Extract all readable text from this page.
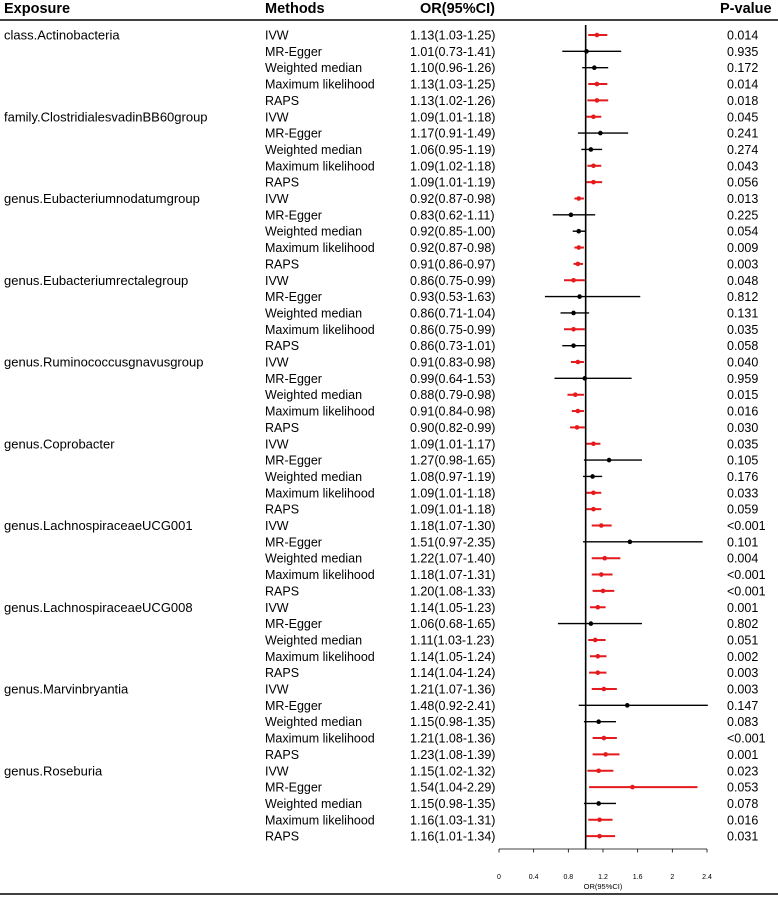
Exposure	Methods	OR(95%CI)	P-value
class.Actinobacteria	IVW	1.13(1.03-1.25)	0.014
MR-Egger	1.01(0.73-1.41)	0.935
Weighted median	1.10(0.96-1.26)	0.172
Maximum likelihood	1.13(1.03-1.25)	0.014
RAPS	1.13(1.02-1.26)	0.018
family.ClostridialesvadinBB60group	IVW	1.09(1.01-1.18)	0.045
MR-Egger	1.17(0.91-1.49)	0.241
Weighted median	1.06(0.95-1.19)	0.274
Maximum likelihood	1.09(1.02-1.18)	0.043
RAPS	1.09(1.01-1.19)	0.056
genus.Eubacteriumnodatumgroup	IVW	0.92(0.87-0.98)	0.013
MR-Egger	0.83(0.62-1.11)	0.225
Weighted median	0.92(0.85-1.00)	0.054
Maximum likelihood	0.92(0.87-0.98)	0.009
RAPS	0.91(0.86-0.97)	0.003
genus.Eubacteriumrectalegroup	IVW	0.86(0.75-0.99)	0.048
MR-Egger	0.93(0.53-1.63)	0.812
Weighted median	0.86(0.71-1.04)	0.131
Maximum likelihood	0.86(0.75-0.99)	0.035
RAPS	0.86(0.73-1.01)	0.058
genus.Ruminococcusgnavusgroup	IVW	0.91(0.83-0.98)	0.040
MR-Egger	0.99(0.64-1.53)	0.959
Weighted median	0.88(0.79-0.98)	0.015
Maximum likelihood	0.91(0.84-0.98)	0.016
RAPS	0.90(0.82-0.99)	0.030
genus.Coprobacter	IVW	1.09(1.01-1.17)	0.035
MR-Egger	1.27(0.98-1.65)	0.105
Weighted median	1.08(0.97-1.19)	0.176
Maximum likelihood	1.09(1.01-1.18)	0.033
RAPS	1.09(1.01-1.18)	0.059
genus.LachnospiraceaeUCG001	IVW	1.18(1.07-1.30)	<0.001
MR-Egger	1.51(0.97-2.35)	0.101
Weighted median	1.22(1.07-1.40)	0.004
Maximum likelihood	1.18(1.07-1.31)	<0.001
RAPS	1.20(1.08-1.33)	<0.001
genus.LachnospiraceaeUCG008	IVW	1.14(1.05-1.23)	0.001
MR-Egger	1.06(0.68-1.65)	0.802
Weighted median	1.11(1.03-1.23)	0.051
Maximum likelihood	1.14(1.05-1.24)	0.002
RAPS	1.14(1.04-1.24)	0.003
genus.Marvinbryantia	IVW	1.21(1.07-1.36)	0.003
MR-Egger	1.48(0.92-2.41)	0.147
Weighted median	1.15(0.98-1.35)	0.083
Maximum likelihood	1.21(1.08-1.36)	<0.001
RAPS	1.23(1.08-1.39)	0.001
genus.Roseburia	IVW	1.15(1.02-1.32)	0.023
MR-Egger	1.54(1.04-2.29)	0.053
Weighted median	1.15(0.98-1.35)	0.078
Maximum likelihood	1.16(1.03-1.31)	0.016
RAPS	1.16(1.01-1.34)	0.031
0	0.4	0.8	1.2	1.6	2	2.4
OR(95%CI)
